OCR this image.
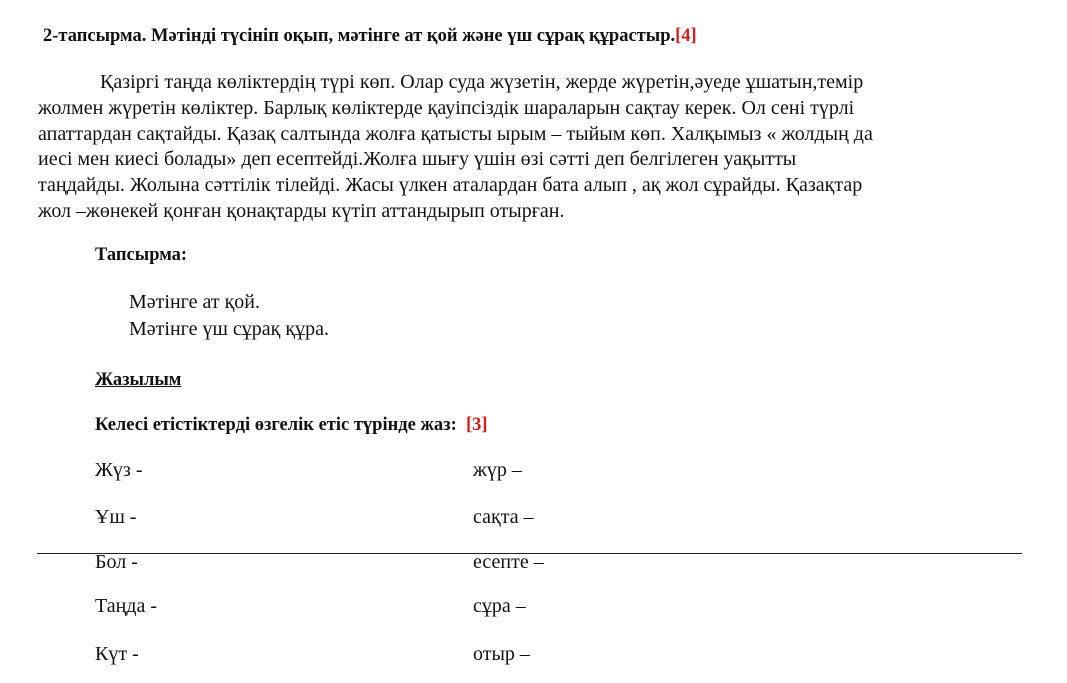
2-тапсырма. Мәтінді түсініп оқып, мәтінге ат қой және үш сұрақ құрастыр.[4]

Қазіргі таңда көліктердің түрі көп. Олар суда жүзетін, жерде жүретін,әуеде ұшатын,темір
жолмен жүретін көліктер. Барлық көліктерде қауіпсіздік шараларын сақтау керек. Ол сені түрлі
апаттардан сақтайды. Қазақ салтында жолға қатысты ырым – тыйым көп. Халқымыз « жолдың да
иесі мен киесі болады» деп есептейді.Жолға шығу үшін өзі сәтті деп белгілеген уақытты
таңдайды. Жолына сәттілік тілейді. Жасы үлкен аталардан бата алып , ақ жол сұрайды. Қазақтар
жол –жөнекей қонған қонақтарды күтіп аттандырып отырған.

Тапсырма:
Мәтінге ат қой.
Мәтінге үш сұрақ құра.
Жазылым
Келесі етістіктерді өзгелік етіс түрінде жаз: [3]
Жүз -	жүр –
Ұш -	сақта –
Бол -	есепте –
Таңда -	сұра –
Күт -	отыр –
